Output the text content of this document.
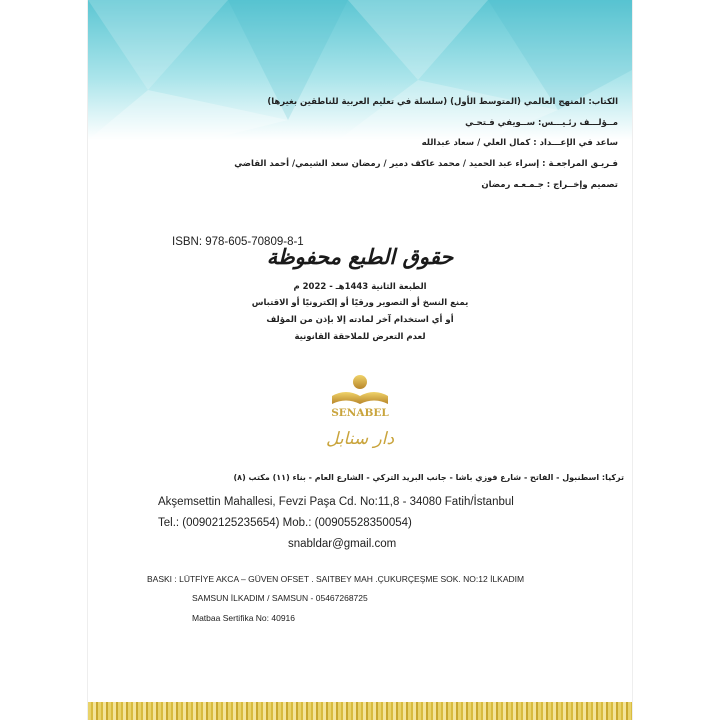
الكتاب: المنهج العالمي (المتوسط الأول) (سلسلة في تعليم العربية للناطقين بغيرها)
مــؤلـــف رئـيـــس: ســويفي فـتحـي
ساعد في الإعـــداد : كمال العلي / سعاد عبدالله
فـريـق المراجعـة : إسراء عبد الحميد / محمد عاكف دمير / رمضان سعد الشيمي/ أحمد القاضي
تصميم وإخــراج : جـمـعـه رمضان
ISBN: 978-605-70809-8-1
حقوق الطبع محفوظة
الطبعة الثانية 1443هـ - 2022 م
يمنع النسخ أو التصوير ورقيًا أو إلكترونيًا أو الاقتباس
أو أي استخدام آخر لمادته إلا بإذن من المؤلف
لعدم التعرض للملاحقة القانونية
SENABEL
دار سنابل
تركيا: اسطنبول - الفاتح - شارع فوزي باشا - جانب البريد التركي - الشارع العام - بناء (١١) مكتب (٨)
Akşemsettin Mahallesi, Fevzi Paşa Cd. No:11,8 - 34080 Fatih/İstanbul
Tel.: (00902125235654) Mob.: (00905528350054)
snabldar@gmail.com
BASKI : LÜTFİYE AKCA – GÜVEN OFSET . SAITBEY MAH .ÇUKURÇEŞME SOK. NO:12 İLKADIM
SAMSUN İLKADIM / SAMSUN - 05467268725
Matbaa Sertifika No: 40916
